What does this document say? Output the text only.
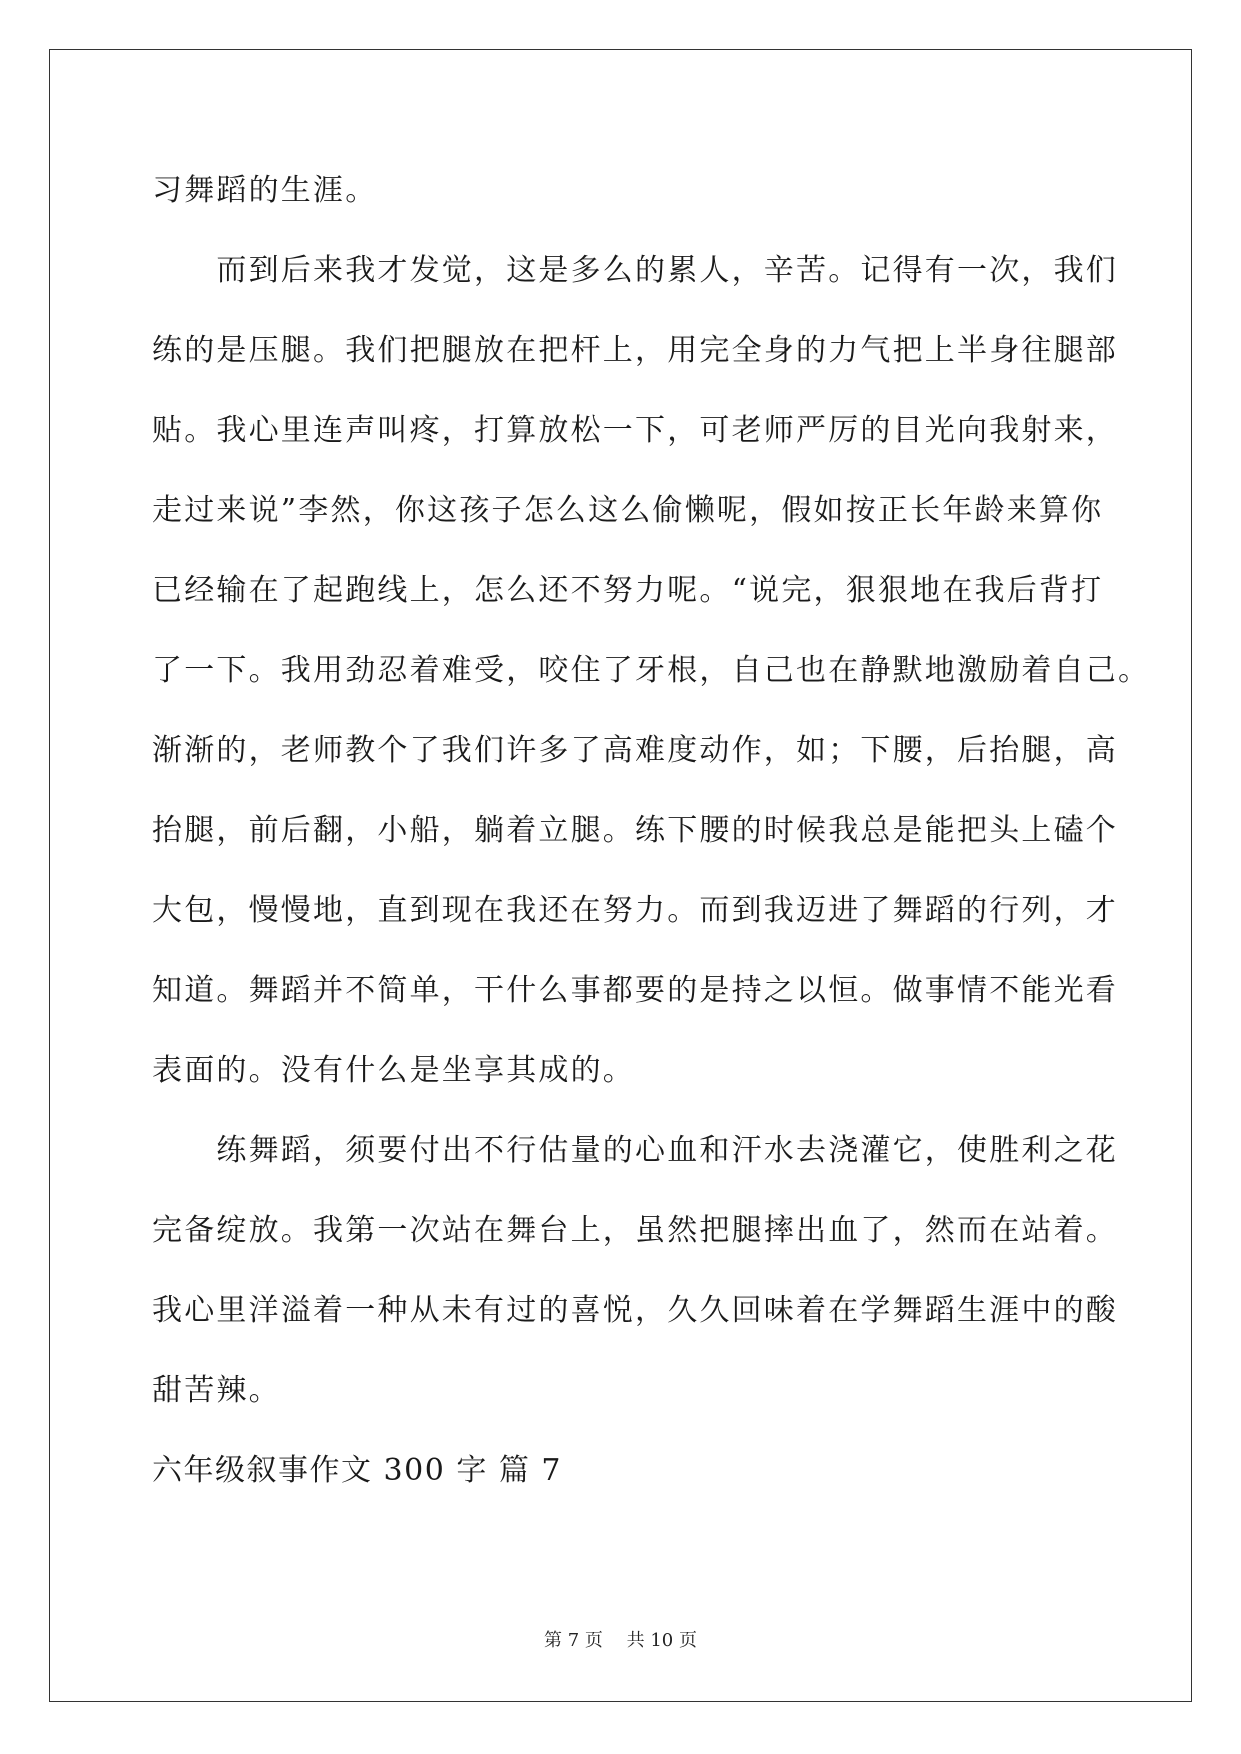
习舞蹈的生涯。
　　而到后来我才发觉，这是多么的累人，辛苦。记得有一次，我们
练的是压腿。我们把腿放在把杆上，用完全身的力气把上半身往腿部
贴。我心里连声叫疼，打算放松一下，可老师严厉的目光向我射来，
走过来说”李然，你这孩子怎么这么偷懒呢，假如按正长年龄来算你
已经输在了起跑线上，怎么还不努力呢。“说完，狠狠地在我后背打
了一下。我用劲忍着难受，咬住了牙根，自己也在静默地激励着自己。
渐渐的，老师教个了我们许多了高难度动作，如；下腰，后抬腿，高
抬腿，前后翻，小船，躺着立腿。练下腰的时候我总是能把头上磕个
大包，慢慢地，直到现在我还在努力。而到我迈进了舞蹈的行列，才
知道。舞蹈并不简单，干什么事都要的是持之以恒。做事情不能光看
表面的。没有什么是坐享其成的。
　　练舞蹈，须要付出不行估量的心血和汗水去浇灌它，使胜利之花
完备绽放。我第一次站在舞台上，虽然把腿摔出血了，然而在站着。
我心里洋溢着一种从未有过的喜悦，久久回味着在学舞蹈生涯中的酸
甜苦辣。
六年级叙事作文 300 字 篇 7
第 7 页　 共 10 页
